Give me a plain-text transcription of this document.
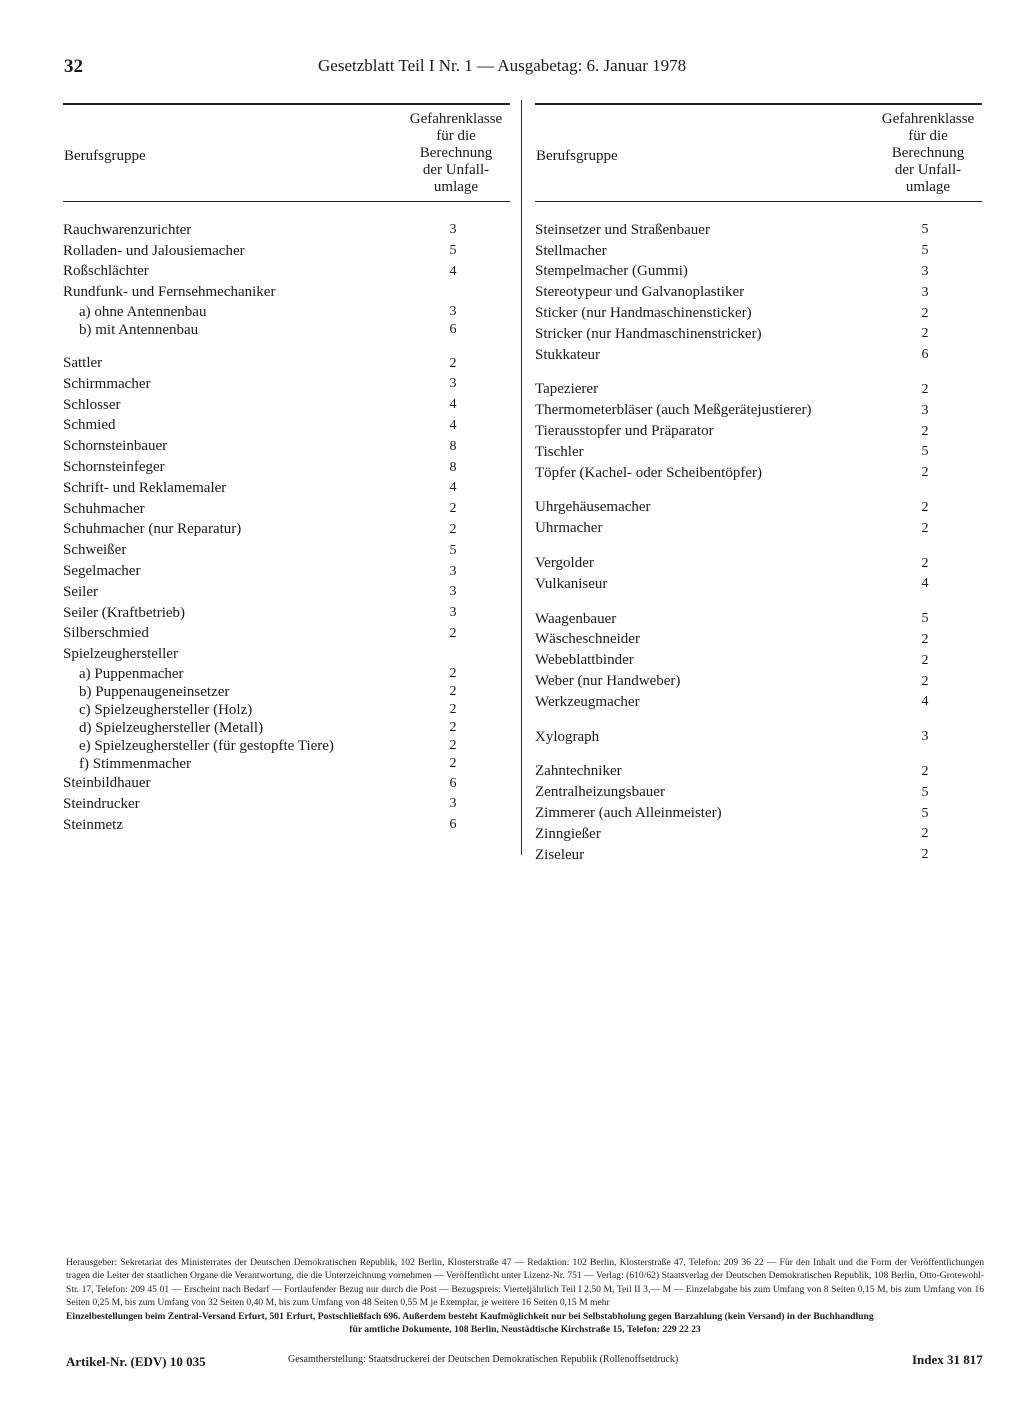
32	Gesetzblatt Teil I Nr. 1 — Ausgabetag: 6. Januar 1978
Berufsgruppe
Gefahrenklasse
für die
Berechnung
der Unfall-
umlage
Rauchwarenzurichter	3
Rolladen- und Jalousiemacher	5
Roßschlächter	4
Rundfunk- und Fernsehmechaniker
a) ohne Antennenbau	3
b) mit Antennenbau	6
Sattler	2
Schirmmacher	3
Schlosser	4
Schmied	4
Schornsteinbauer	8
Schornsteinfeger	8
Schrift- und Reklamemaler	4
Schuhmacher	2
Schuhmacher (nur Reparatur)	2
Schweißer	5
Segelmacher	3
Seiler	3
Seiler (Kraftbetrieb)	3
Silberschmied	2
Spielzeughersteller
a) Puppenmacher	2
b) Puppenaugeneinsetzer	2
c) Spielzeughersteller (Holz)	2
d) Spielzeughersteller (Metall)	2
e) Spielzeughersteller (für gestopfte Tiere)	2
f) Stimmenmacher	2
Steinbildhauer	6
Steindrucker	3
Steinmetz	6
Berufsgruppe
Gefahrenklasse
für die
Berechnung
der Unfall-
umlage
Steinsetzer und Straßenbauer	5
Stellmacher	5
Stempelmacher (Gummi)	3
Stereotypeur und Galvanoplastiker	3
Sticker (nur Handmaschinensticker)	2
Stricker (nur Handmaschinenstricker)	2
Stukkateur	6
Tapezierer	2
Thermometerbläser (auch Meßgerätejustierer)	3
Tierausstopfer und Präparator	2
Tischler	5
Töpfer (Kachel- oder Scheibentöpfer)	2
Uhrgehäusemacher	2
Uhrmacher	2
Vergolder	2
Vulkaniseur	4
Waagenbauer	5
Wäscheschneider	2
Webeblattbinder	2
Weber (nur Handweber)	2
Werkzeugmacher	4
Xylograph	3
Zahntechniker	2
Zentralheizungsbauer	5
Zimmerer (auch Alleinmeister)	5
Zinngießer	2
Ziseleur	2

Herausgeber: Sekretariat des Ministerrates der Deutschen Demokratischen Republik, 102 Berlin, Klosterstraße 47 — Redaktion: 102 Berlin, Klosterstraße 47, Telefon: 209 36 22 — Für den Inhalt und die Form der Veröffentlichungen tragen die Leiter der staatlichen Organe die Verantwortung, die die Unterzeichnung vornehmen — Veröffentlicht unter Lizenz-Nr. 751 — Verlag: (610/62) Staatsverlag der Deutschen Demokratischen Republik, 108 Berlin, Otto-Grotewohl-Str. 17, Telefon: 209 45 01 — Erscheint nach Bedarf — Fortlaufender Bezug nur durch die Post — Bezugspreis: Vierteljährlich Teil I 2,50 M, Teil II 3,— M — Einzelabgabe bis zum Umfang von 8 Seiten 0,15 M, bis zum Umfang von 16 Seiten 0,25 M, bis zum Umfang von 32 Seiten 0,40 M, bis zum Umfang von 48 Seiten 0,55 M je Exemplar, je weitere 16 Seiten 0,15 M mehr

Einzelbestellungen beim Zentral-Versand Erfurt, 501 Erfurt, Postschließfach 696. Außerdem besteht Kaufmöglichkeit nur bei Selbstabholung gegen Barzahlung (kein Versand) in der Buchhandlung

für amtliche Dokumente, 108 Berlin, Neustädtische Kirchstraße 15, Telefon: 229 22 23

Artikel-Nr. (EDV) 10 035	Gesamtherstellung: Staatsdruckerei der Deutschen Demokratischen Republik (Rollenoffsetdruck)	Index 31 817
